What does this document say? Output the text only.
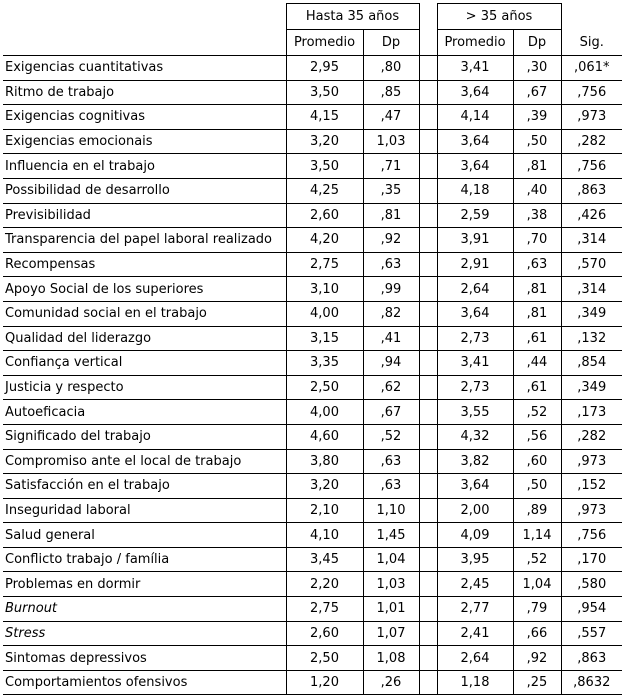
	Hasta 35 años			> 35 años		
	Promedio	Dp		Promedio	Dp	Sig.
Exigencias cuantitativas	2,95	,80		3,41	,30	,061*
Ritmo de trabajo	3,50	,85		3,64	,67	,756
Exigencias cognitivas	4,15	,47		4,14	,39	,973
Exigencias emocionais	3,20	1,03		3,64	,50	,282
Influencia en el trabajo	3,50	,71		3,64	,81	,756
Possibilidad de desarrollo	4,25	,35		4,18	,40	,863
Previsibilidad	2,60	,81		2,59	,38	,426
Transparencia del papel laboral realizado	4,20	,92		3,91	,70	,314
Recompensas	2,75	,63		2,91	,63	,570
Apoyo Social de los superiores	3,10	,99		2,64	,81	,314
Comunidad social en el trabajo	4,00	,82		3,64	,81	,349
Qualidad del liderazgo	3,15	,41		2,73	,61	,132
Confiança vertical	3,35	,94		3,41	,44	,854
Justicia y respecto	2,50	,62		2,73	,61	,349
Autoeficacia	4,00	,67		3,55	,52	,173
Significado del trabajo	4,60	,52		4,32	,56	,282
Compromiso ante el local de trabajo	3,80	,63		3,82	,60	,973
Satisfacción en el trabajo	3,20	,63		3,64	,50	,152
Inseguridad laboral	2,10	1,10		2,00	,89	,973
Salud general	4,10	1,45		4,09	1,14	,756
Conflicto trabajo / família	3,45	1,04		3,95	,52	,170
Problemas en dormir	2,20	1,03		2,45	1,04	,580
Burnout	2,75	1,01		2,77	,79	,954
Stress	2,60	1,07		2,41	,66	,557
Sintomas depressivos	2,50	1,08		2,64	,92	,863
Comportamientos ofensivos	1,20	,26		1,18	,25	,8632
